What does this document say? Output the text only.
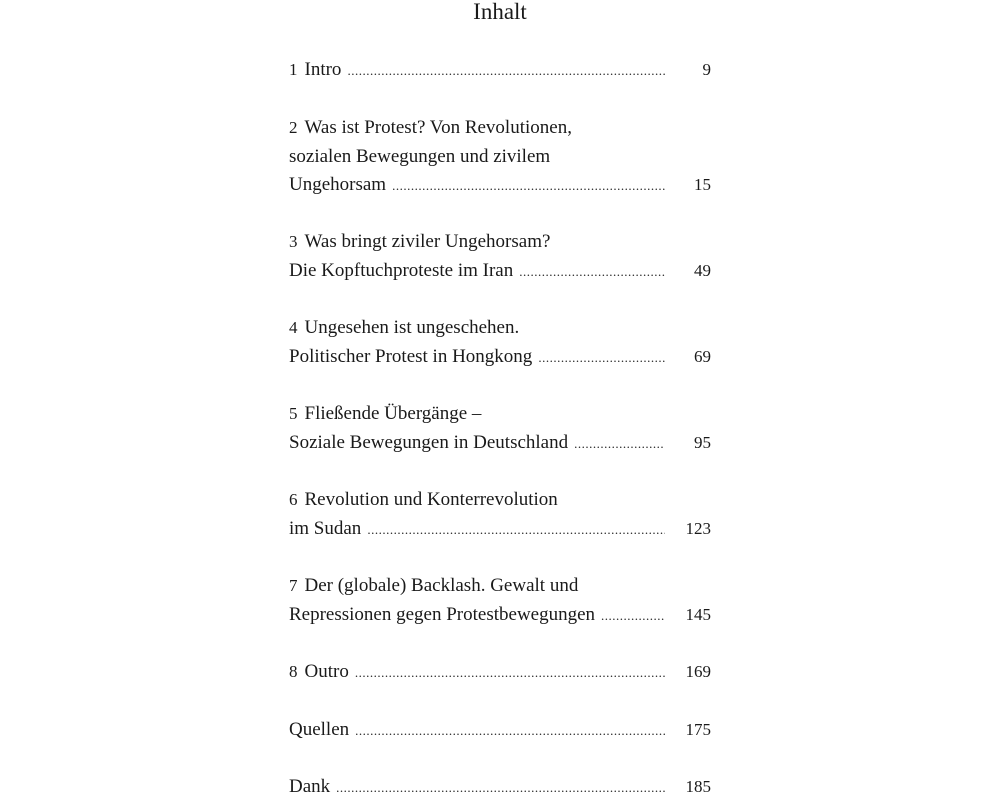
Inhalt
1 Intro .....	9
2 Was ist Protest? Von Revolutionen,
sozialen Bewegungen und zivilem
Ungehorsam .....	15
3 Was bringt ziviler Ungehorsam?
Die Kopftuchproteste im Iran .....	49
4 Ungesehen ist ungeschehen.
Politischer Protest in Hongkong .....	69
5 Fließende Übergänge –
Soziale Bewegungen in Deutschland .....	95
6 Revolution und Konterrevolution
im Sudan .....	123
7 Der (globale) Backlash. Gewalt und
Repressionen gegen Protestbewegungen .....	145
8 Outro .....	169
Quellen .....	175
Dank .....	185
